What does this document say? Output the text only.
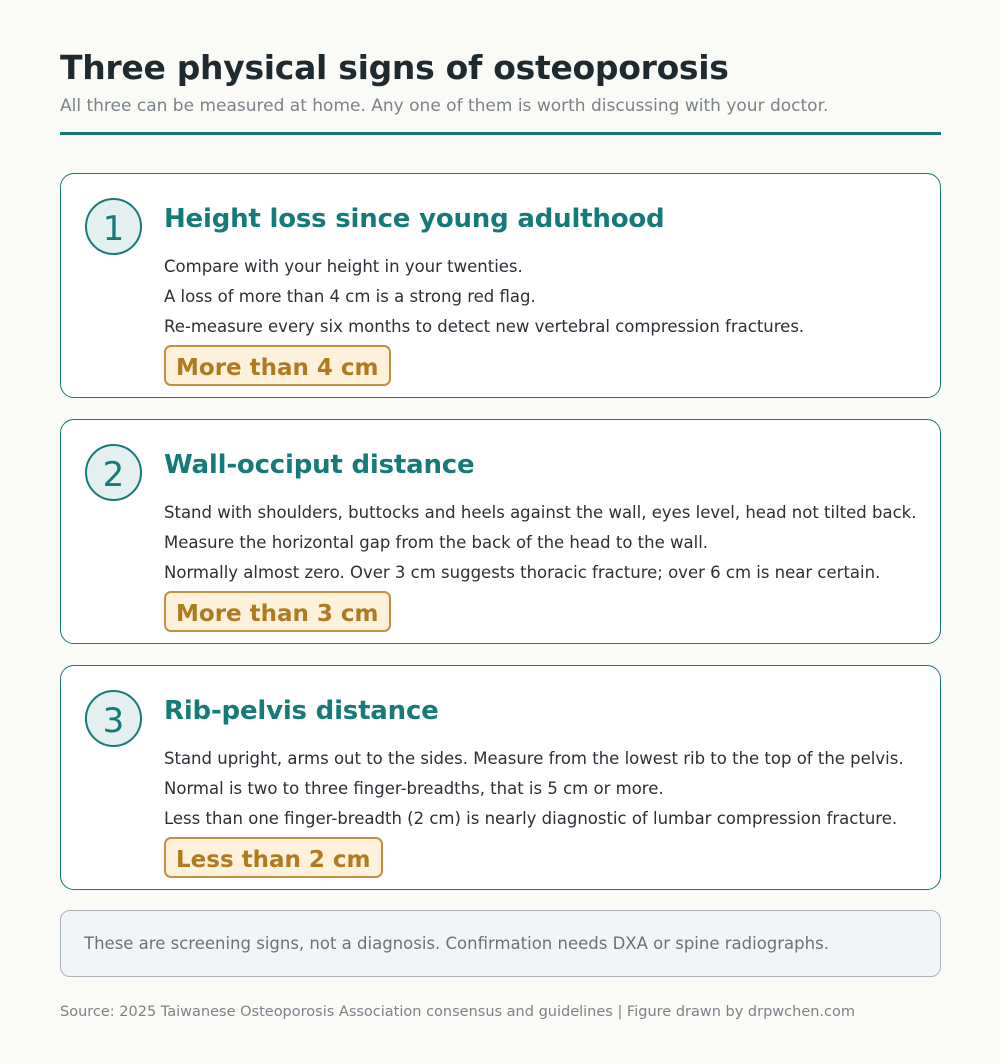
Three physical signs of osteoporosis
All three can be measured at home. Any one of them is worth discussing with your doctor.
1	Height loss since young adulthood
Compare with your height in your twenties.
A loss of more than 4 cm is a strong red flag.
Re-measure every six months to detect new vertebral compression fractures.
More than 4 cm
2	Wall-occiput distance
Stand with shoulders, buttocks and heels against the wall, eyes level, head not tilted back.
Measure the horizontal gap from the back of the head to the wall.
Normally almost zero. Over 3 cm suggests thoracic fracture; over 6 cm is near certain.
More than 3 cm
3	Rib-pelvis distance
Stand upright, arms out to the sides. Measure from the lowest rib to the top of the pelvis.
Normal is two to three finger-breadths, that is 5 cm or more.
Less than one finger-breadth (2 cm) is nearly diagnostic of lumbar compression fracture.
Less than 2 cm

These are screening signs, not a diagnosis. Confirmation needs DXA or spine radiographs.

Source: 2025 Taiwanese Osteoporosis Association consensus and guidelines | Figure drawn by drpwchen.com
